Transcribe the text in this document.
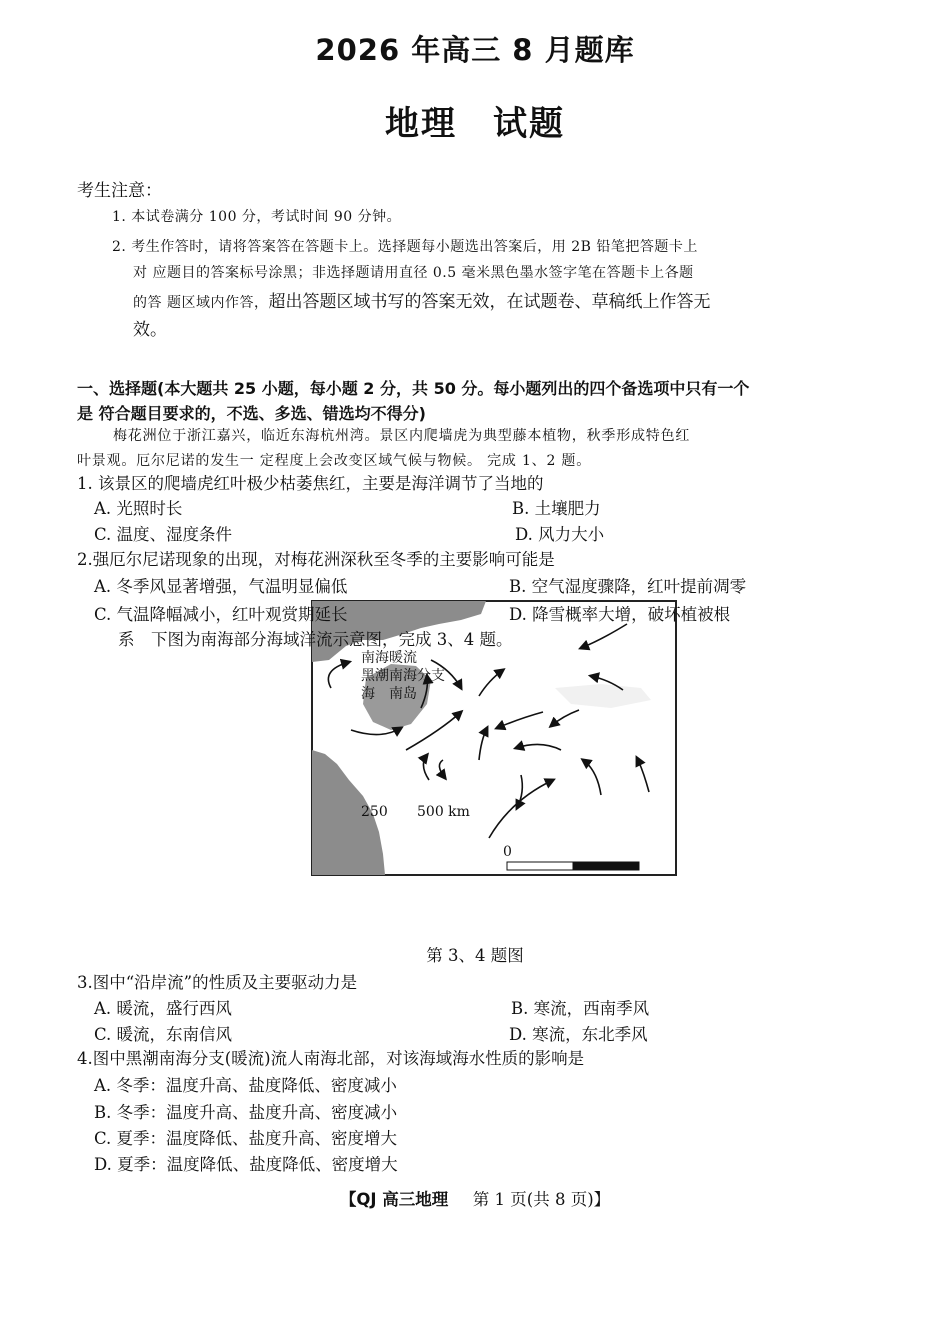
2026 年高三 8 月题库
地理　试题
考生注意：
1. 本试卷满分 100 分，考试时间 90 分钟。
2. 考生作答时，请将答案答在答题卡上。选择题每小题选出答案后，用 2B 铅笔把答题卡上
对 应题目的答案标号涂黑；非选择题请用直径 0.5 毫米黑色墨水签字笔在答题卡上各题
的答 题区域内作答，超出答题区域书写的答案无效，在试题卷、草稿纸上作答无
效。
一、选择题(本大题共 25 小题，每小题 2 分，共 50 分。每小题列出的四个备选项中只有一个
是 符合题目要求的，不选、多选、错选均不得分)
梅花洲位于浙江嘉兴，临近东海杭州湾。景区内爬墙虎为典型藤本植物，秋季形成特色红
叶景观。厄尔尼诺的发生一 定程度上会改变区域气候与物候。 完成 1、2 题。
1. 该景区的爬墙虎红叶极少枯萎焦红，主要是海洋调节了当地的
A. 光照时长	B. 土壤肥力
C. 温度、湿度条件	D. 风力大小
2.强厄尔尼诺现象的出现，对梅花洲深秋至冬季的主要影响可能是
A. 冬季风显著增强，气温明显偏低	B. 空气湿度骤降，红叶提前凋零
南海暖流
黑潮南海分支
海　南岛
0
250 500 km
C. 气温降幅减小，红叶观赏期延长	D. 降雪概率大增，破坏植被根
系　下图为南海部分海域洋流示意图，完成 3、4 题。
第 3、4 题图
3.图中“沿岸流”的性质及主要驱动力是
A. 暖流，盛行西风	B. 寒流，西南季风
C. 暖流，东南信风	D. 寒流，东北季风
4.图中黑潮南海分支(暖流)流人南海北部，对该海域海水性质的影响是
A. 冬季：温度升高、盐度降低、密度减小
B. 冬季：温度升高、盐度升高、密度减小
C. 夏季：温度降低、盐度升高、密度增大
D. 夏季：温度降低、盐度降低、密度增大
【QJ 高三地理 第 1 页(共 8 页)】
